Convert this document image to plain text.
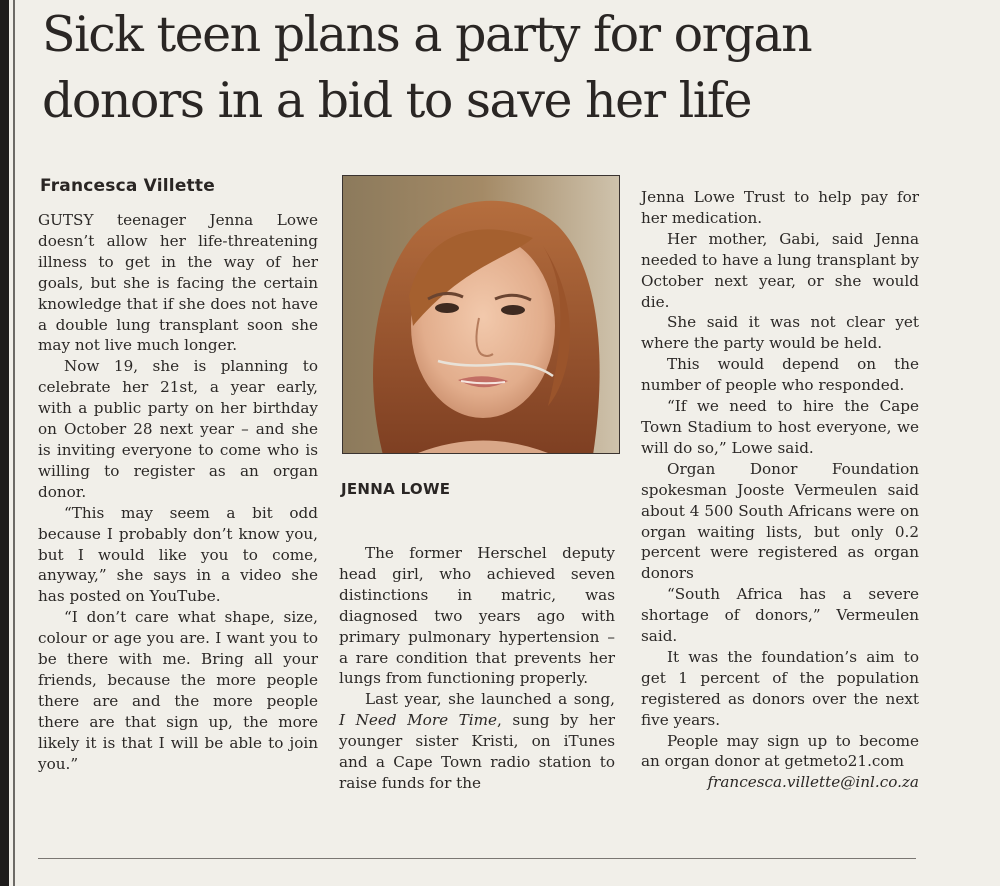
Sick teen plans a party for organ
donors in a bid to save her life
Francesca Villette

GUTSY teenager Jenna Lowe doesn’t allow her life-threatening illness to get in the way of her goals, but she is facing the certain knowledge that if she does not have a double lung transplant soon she may not live much longer.

Now 19, she is planning to celebrate her 21st, a year early, with a public party on her birthday on October 28 next year – and she is inviting everyone to come who is willing to register as an organ donor.

“This may seem a bit odd because I probably don’t know you, but I would like you to come, anyway,” she says in a video she has posted on YouTube.

“I don’t care what shape, size, colour or age you are. I want you to be there with me. Bring all your friends, because the more people there are and the more people there are that sign up, the more likely it is that I will be able to join you.”

JENNA LOWE

The former Herschel deputy head girl, who achieved seven distinctions in matric, was diagnosed two years ago with primary pulmonary hypertension – a rare condition that prevents her lungs from functioning properly.

Last year, she launched a song, I Need More Time, sung by her younger sister Kristi, on iTunes and a Cape Town radio station to raise funds for the

Jenna Lowe Trust to help pay for her medication.

Her mother, Gabi, said Jenna needed to have a lung transplant by October next year, or she would die.

She said it was not clear yet where the party would be held.

This would depend on the number of people who responded.

“If we need to hire the Cape Town Stadium to host everyone, we will do so,” Lowe said.

Organ Donor Foundation spokesman Jooste Vermeulen said about 4 500 South Africans were on organ waiting lists, but only 0.2 percent were registered as organ donors

“South Africa has a severe shortage of donors,” Vermeulen said.

It was the foundation’s aim to get 1 percent of the population registered as donors over the next five years.

People may sign up to become an organ donor at getmeto21.com

francesca.villette@inl.co.za
